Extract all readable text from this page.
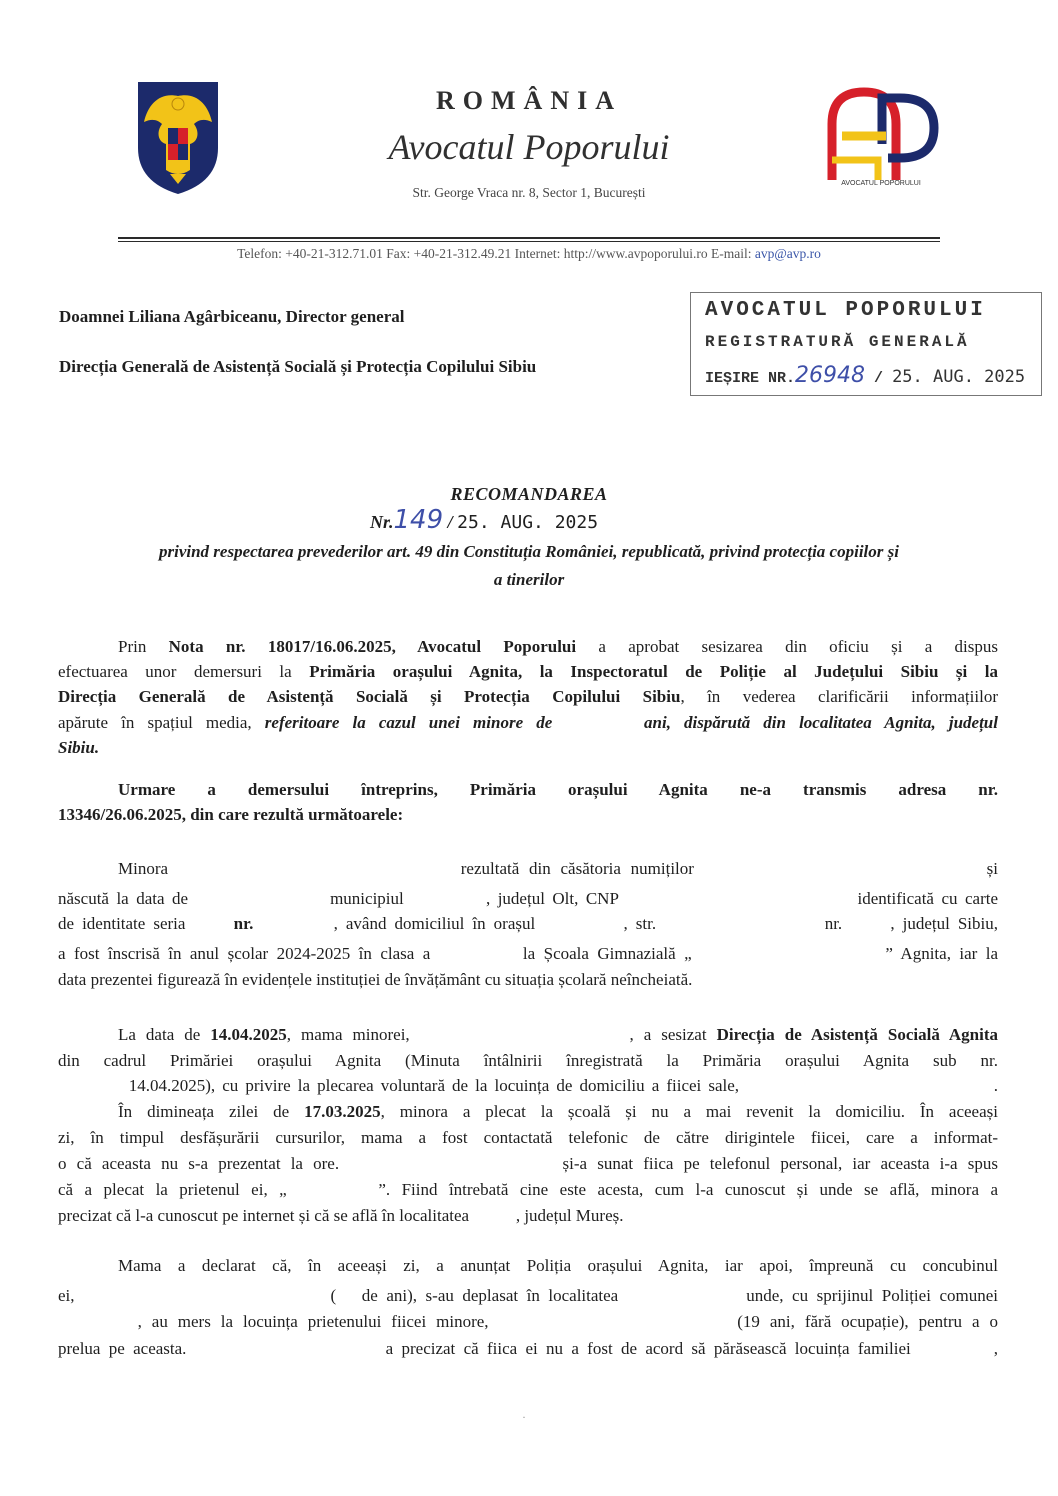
ROMÂNIA
Avocatul Poporului
Str. George Vraca nr. 8, Sector 1, București
AVOCATUL POPORULUI
Telefon: +40-21-312.71.01 Fax: +40-21-312.49.21 Internet: http://www.avpoporului.ro E-mail: avp@avp.ro
Doamnei Liliana Agârbiceanu, Director general
Direcția Generală de Asistență Socială și Protecția Copilului Sibiu
AVOCATUL POPORULUI
REGISTRATURĂ GENERALĂ
IEȘIRE NR.26948 / 25. AUG. 2025
RECOMANDAREA
Nr.149 / 25. AUG. 2025
privind respectarea prevederilor art. 49 din Constituția României, republicată, privind protecția copiilor și
a tinerilor
Prin Nota nr. 18017/16.06.2025, Avocatul Poporului a aprobat sesizarea din oficiu și a dispus
efectuarea unor demersuri la Primăria orașului Agnita, la Inspectoratul de Poliție al Județului Sibiu și la
Direcția Generală de Asistență Socială și Protecția Copilului Sibiu, în vederea clarificării informațiilor
apărute în spațiul media, referitoare la cazul unei minore de       ani, dispărută din localitatea Agnita, județul
Sibiu.
Urmare a demersului întreprins, Primăria orașului Agnita ne-a transmis adresa nr.
13346/26.06.2025, din care rezultă următoarele:
Minora                              rezultată din căsătoria numiților                              și
născută la data de                   municipiul           , județul Olt, CNP                                identificată cu carte
de identitate seria      nr.          , având domiciliul în orașul           , str.                     nr.      , județul Sibiu,
a fost înscrisă în anul școlar 2024-2025 în clasa a           la Școala Gimnazială „                       ” Agnita, iar la
data prezentei figurează în evidențele instituției de învățământ cu situația școlară neîncheiată.
La data de 14.04.2025, mama minorei,                      , a sesizat Direcția de Asistență Socială Agnita
din cadrul Primăriei orașului Agnita (Minuta întâlnirii înregistrată la Primăria orașului Agnita sub nr.
14.04.2025), cu privire la plecarea voluntară de la locuința de domiciliu a fiicei sale,                                    .
În dimineața zilei de 17.03.2025, minora a plecat la școală și nu a mai revenit la domiciliu. În aceeași
zi, în timpul desfășurării cursurilor, mama a fost contactată telefonic de către dirigintele fiicei, care a informat-
o că aceasta nu s-a prezentat la ore.                      și-a sunat fiica pe telefonul personal, iar aceasta i-a spus
că a plecat la prietenul ei, „        ”. Fiind întrebată cine este acesta, cum l-a cunoscut și unde se află, minora a
precizat că l-a cunoscut pe internet și că se află în localitatea           , județul Mureș.
Mama a declarat că, în aceeași zi, a anunțat Poliția orașului Agnita, iar apoi, împreună cu concubinul
ei,                              (   de ani), s-au deplasat în localitatea               unde, cu sprijinul Poliției comunei
, au mers la locuința prietenului fiicei minore,                         (19 ani, fără ocupație), pentru a o
prelua pe aceasta.                        a precizat că fiica ei nu a fost de acord să părăsească locuința familiei          ,
·
